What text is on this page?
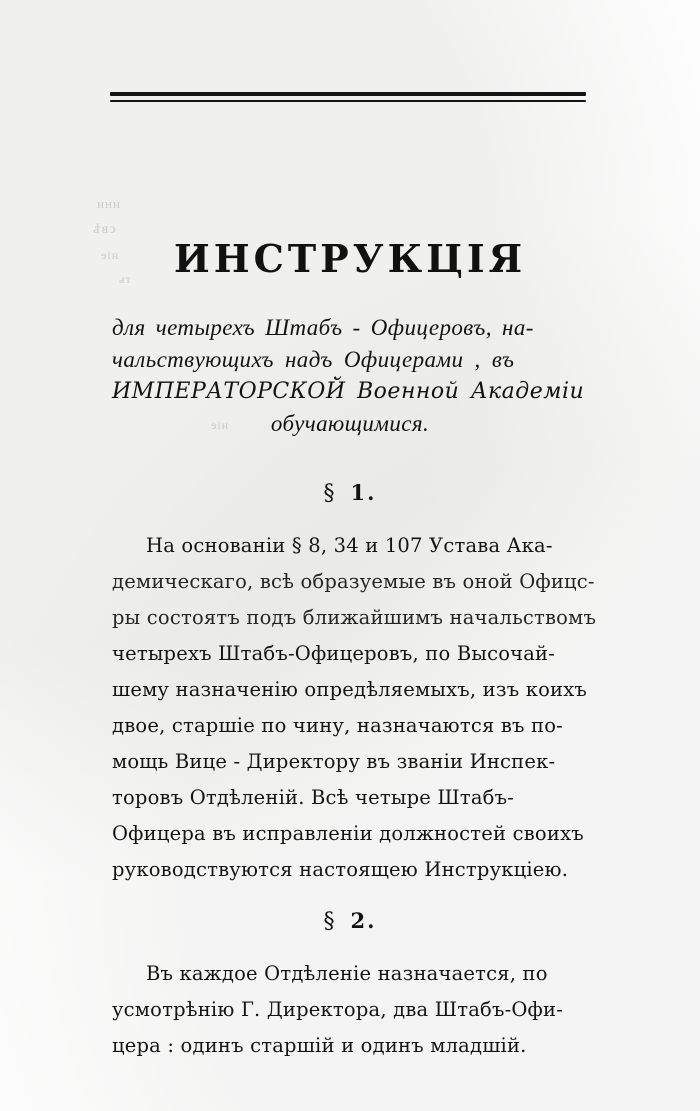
ини
свѣ
ніе
ть
ніе
ИНСТРУКЦІЯ
для четырехъ Штабъ - Офицеровъ, на-
чальствующихъ надъ Офицерами , въ
ИМПЕРАТОРСКОЙ Военной Академіи
обучающимися.
§ 1.
На основаніи § 8, 34 и 107 Устава Ака-
демическаго, всѣ образуемые въ оной Офицс-
ры состоятъ подъ ближайшимъ начальствомъ
четырехъ Штабъ-Офицеровъ, по Высочай-
шему назначенію опредѣляемыхъ, изъ коихъ
двое, старшіе по чину, назначаются въ по-
мощь Вице - Директору въ званіи Инспек-
торовъ Отдѣленій. Всѣ четыре Штабъ-
Офицера въ исправленіи должностей своихъ
руководствуются настоящею Инструкціею.
§ 2.
Въ каждое Отдѣленіе назначается, по
усмотрѣнію Г. Директора, два Штабъ-Офи-
цера : одинъ старшій и одинъ младшій.
